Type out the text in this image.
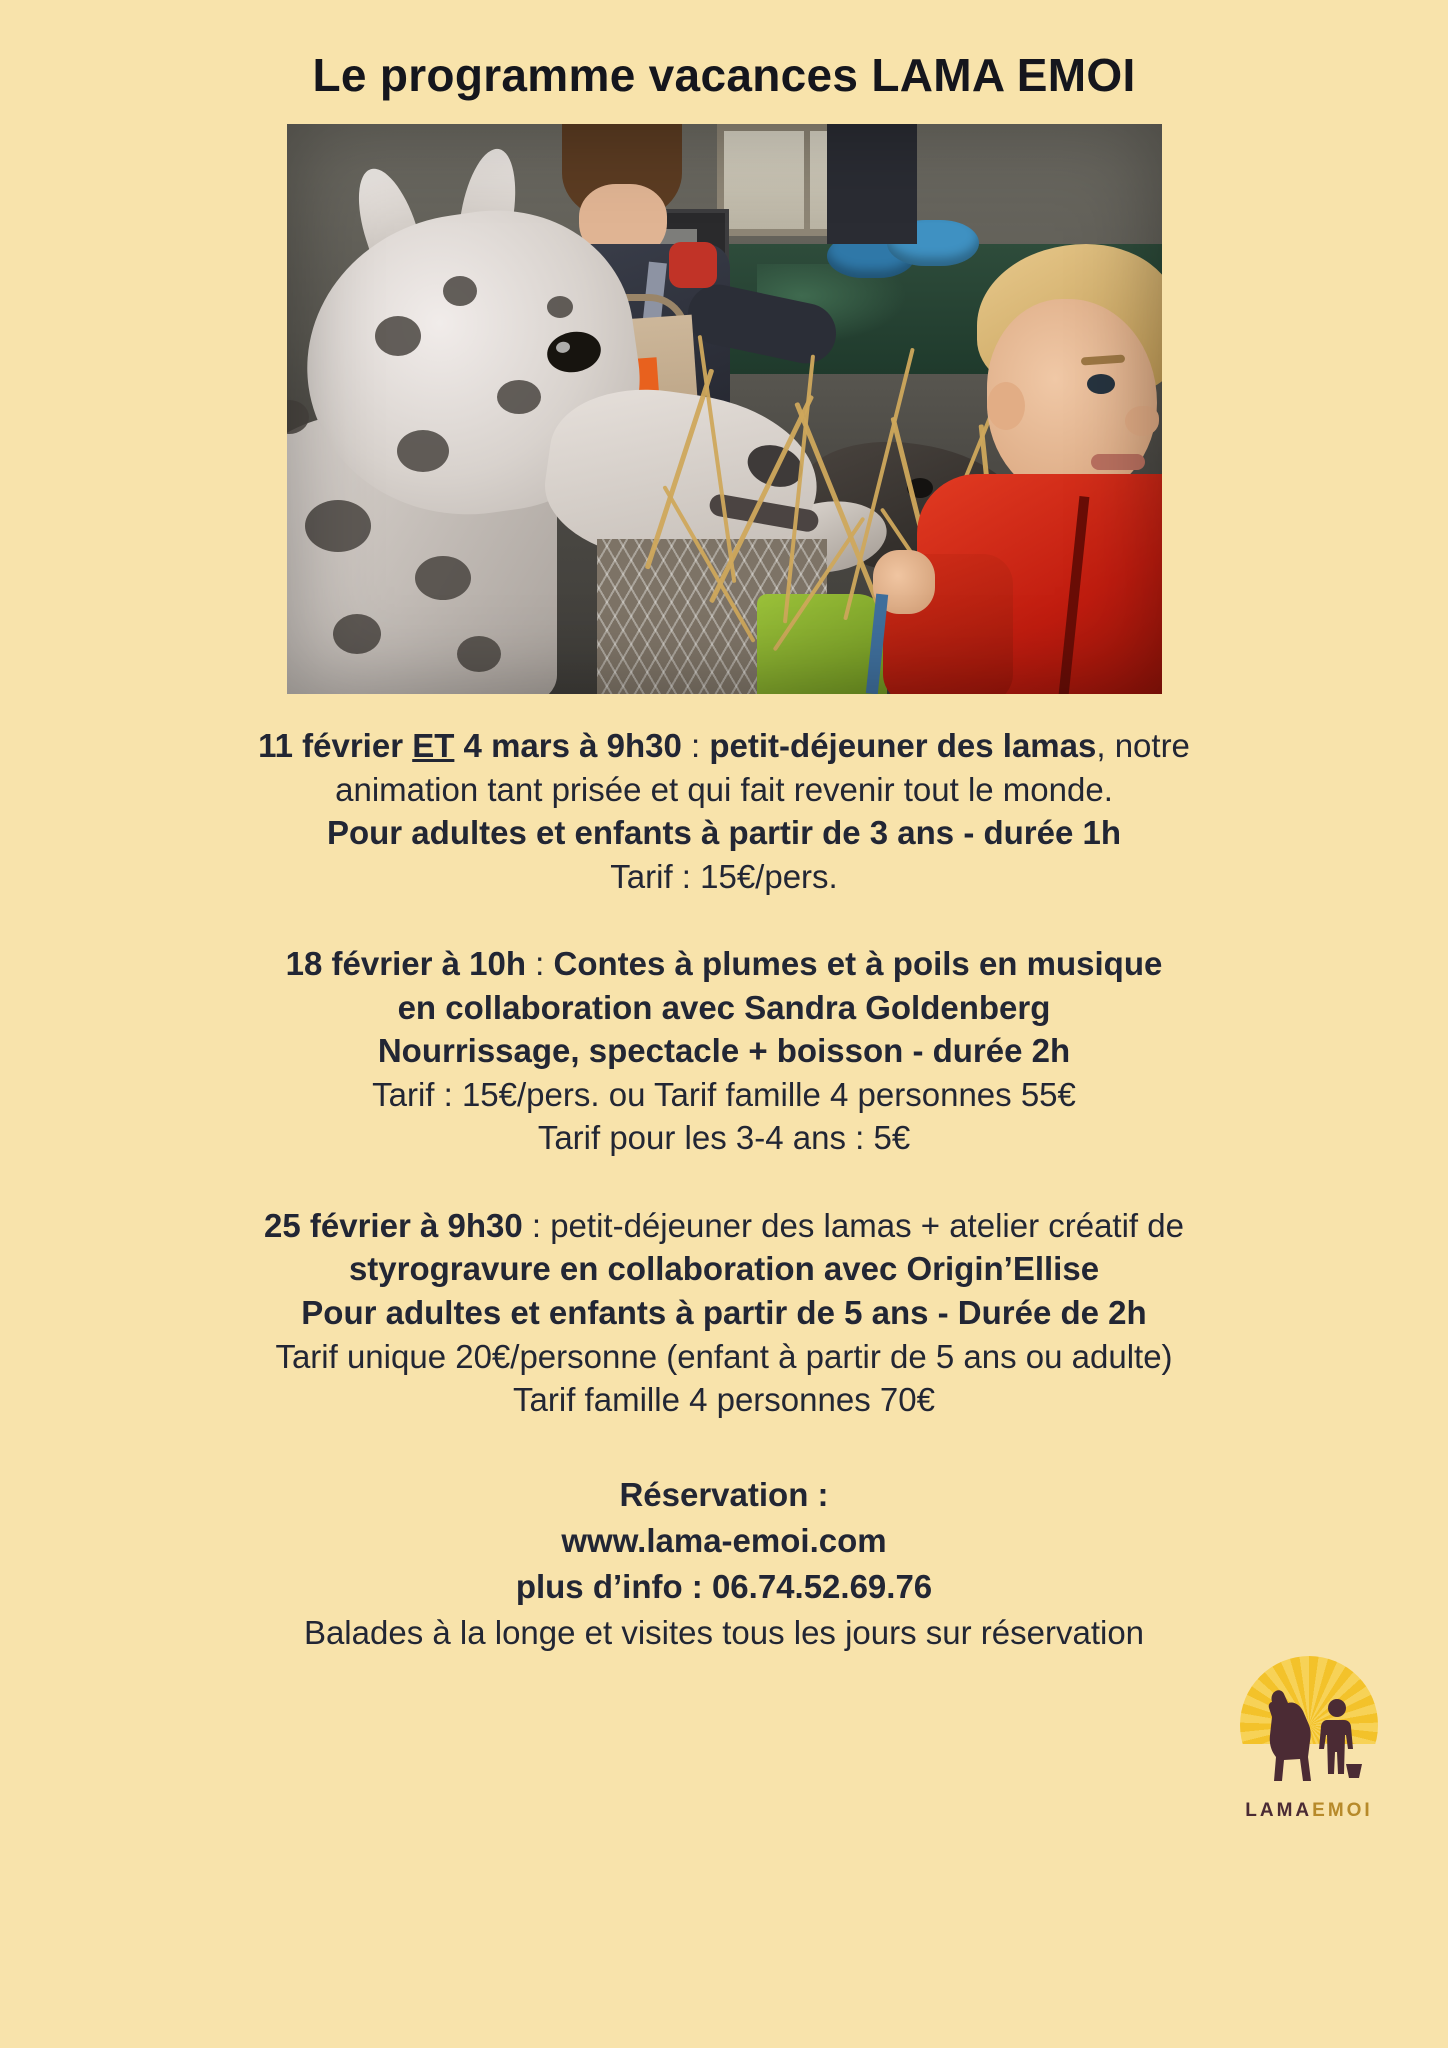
Le programme vacances LAMA EMOI

11 février ET 4 mars à 9h30 : petit-déjeuner des lamas, notre

animation tant prisée et qui fait revenir tout le monde.

Pour adultes et enfants à partir de 3 ans - durée 1h

Tarif : 15€/pers.

18 février à 10h : Contes à plumes et à poils en musique

en collaboration avec Sandra Goldenberg

Nourrissage, spectacle + boisson - durée 2h

Tarif : 15€/pers. ou Tarif famille 4 personnes 55€

Tarif pour les 3-4 ans : 5€

25 février à 9h30 : petit-déjeuner des lamas + atelier créatif de

styrogravure en collaboration avec Origin’Ellise

Pour adultes et enfants à partir de 5 ans - Durée de 2h

Tarif unique 20€/personne (enfant à partir de 5 ans ou adulte)

Tarif famille 4 personnes 70€

Réservation :

www.lama-emoi.com

plus d’info : 06.74.52.69.76

Balades à la longe et visites tous les jours sur réservation

LAMAEMOI
